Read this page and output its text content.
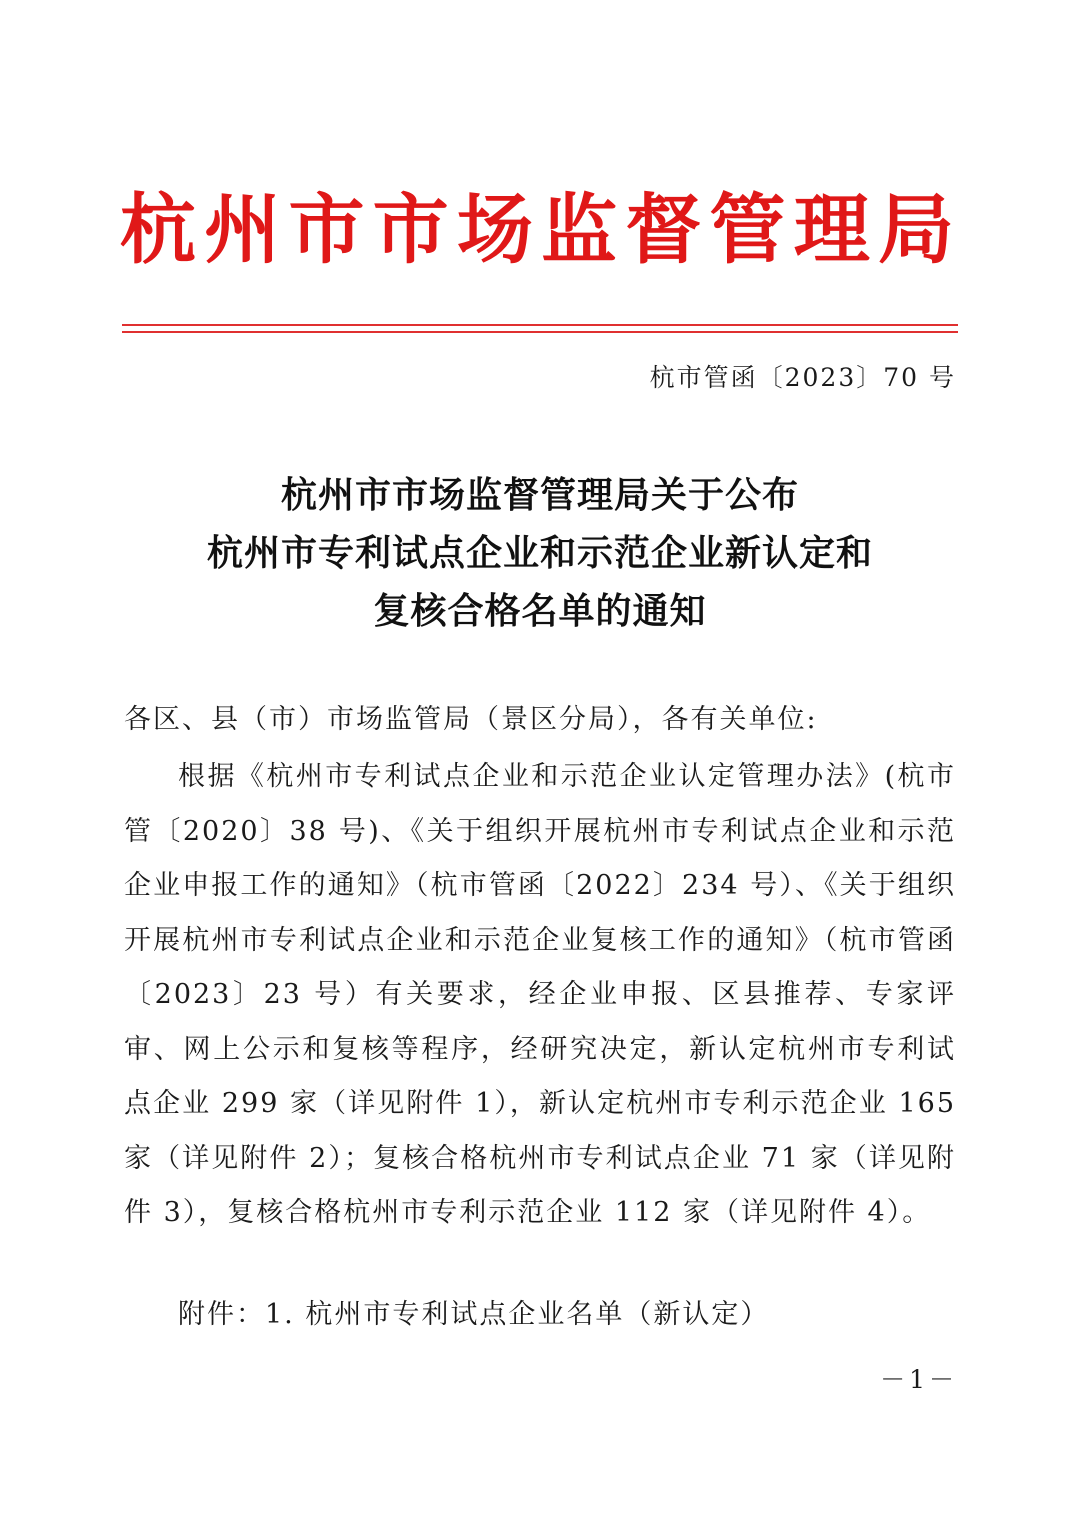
杭州市市场监督管理局
杭市管函〔2023〕70 号
杭州市市场监督管理局关于公布
杭州市专利试点企业和示范企业新认定和
复核合格名单的通知
各区、县（市）市场监管局（景区分局），各有关单位:
根据《杭州市专利试点企业和示范企业认定管理办法》(杭市管〔2020〕38 号)、《关于组织开展杭州市专利试点企业和示范企业申报工作的通知》（杭市管函〔2022〕234 号）、《关于组织开展杭州市专利试点企业和示范企业复核工作的通知》（杭市管函〔2023〕23 号）有关要求，经企业申报、区县推荐、专家评审、网上公示和复核等程序，经研究决定，新认定杭州市专利试点企业 299 家（详见附件 1），新认定杭州市专利示范企业 165 家（详见附件 2）；复核合格杭州市专利试点企业 71 家（详见附件 3），复核合格杭州市专利示范企业 112 家（详见附件 4）。
附件：1. 杭州市专利试点企业名单（新认定）
－1－
